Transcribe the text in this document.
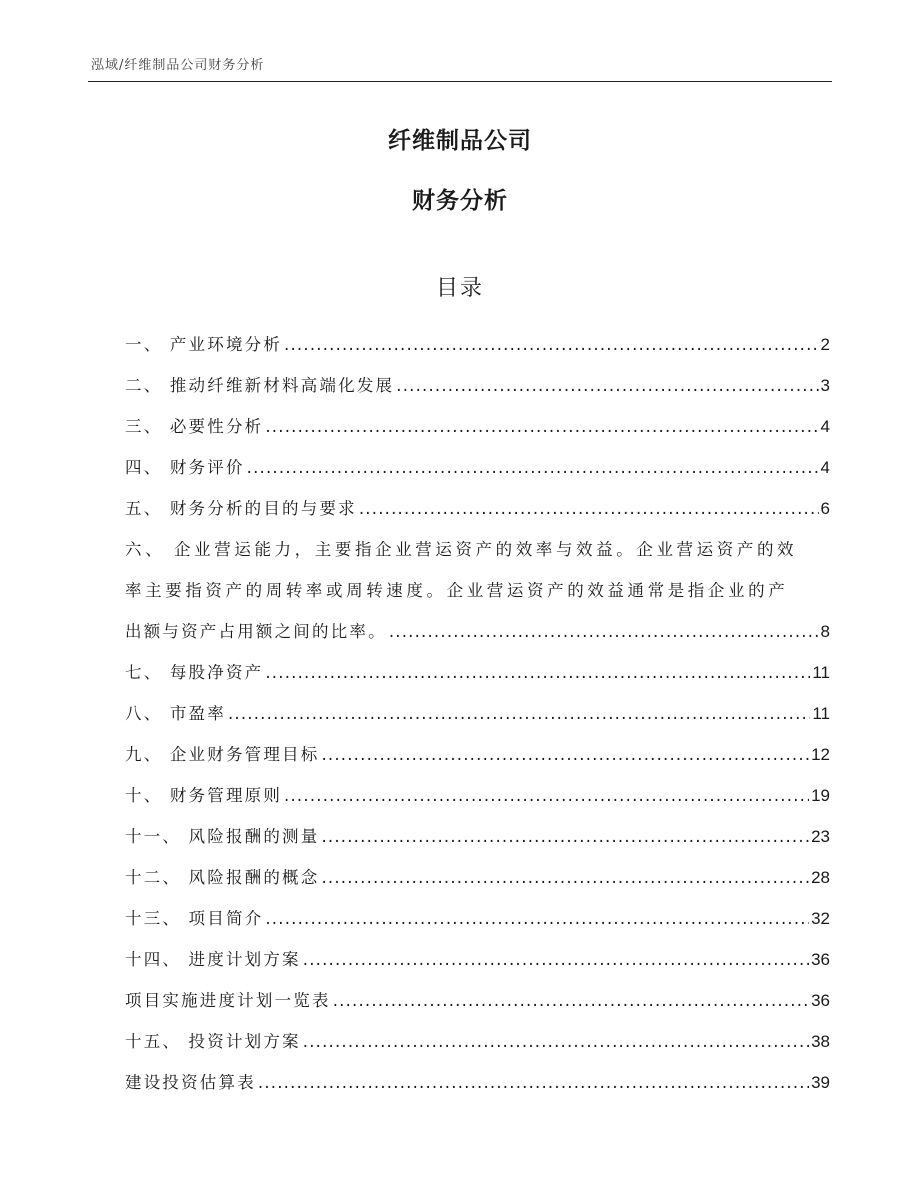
泓域/纤维制品公司财务分析
纤维制品公司
财务分析
目录
一、 产业环境分析 .....	2
二、 推动纤维新材料高端化发展 .....	3
三、 必要性分析 .....	4
四、 财务评价 .....	4
五、 财务分析的目的与要求 .....	6
六、 企业营运能力，主要指企业营运资产的效率与效益。企业营运资产的效
率主要指资产的周转率或周转速度。企业营运资产的效益通常是指企业的产
出额与资产占用额之间的比率。 .....	8
七、 每股净资产 .....	11
八、 市盈率 .....	11
九、 企业财务管理目标 .....	12
十、 财务管理原则 .....	19
十一、 风险报酬的测量 .....	23
十二、 风险报酬的概念 .....	28
十三、 项目简介 .....	32
十四、 进度计划方案 .....	36
项目实施进度计划一览表 .....	36
十五、 投资计划方案 .....	38
建设投资估算表 .....	39
